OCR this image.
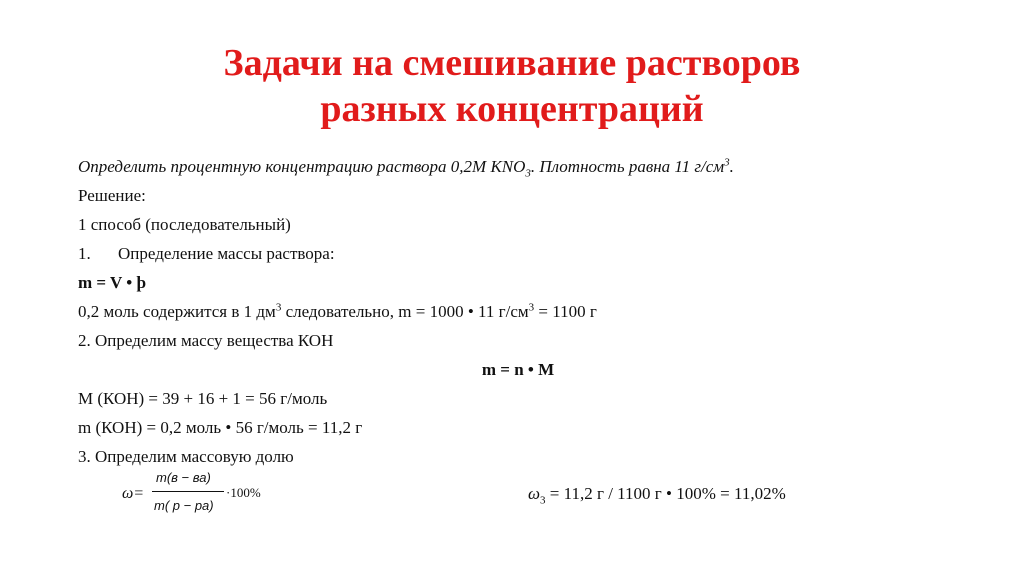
Задачи на смешивание растворов
разных концентраций
Определить процентную концентрацию раствора 0,2М $KNO_3$. Плотность равна 11 $г/см^3$.
Решение:
1 способ (последовательный)
1. Определение массы раствора:
m = V • þ
0,2 моль содержится в 1 $дм^3$ следовательно, m = 1000 • 11 $г/см^3 = 1100$ г
2. Определим массу вещества КОН
m = n • M
М (КОН) = 39 + 16 + 1 = 56 г/моль
m (КОН) = 0,2 моль • 56 г/моль = 11,2 г
3. Определим массовую долю
ω=
m(в − ва)
m( р − ра)
·100%	$\omega_3 = 11,2$ г / 1100 г • 100% = 11,02%
